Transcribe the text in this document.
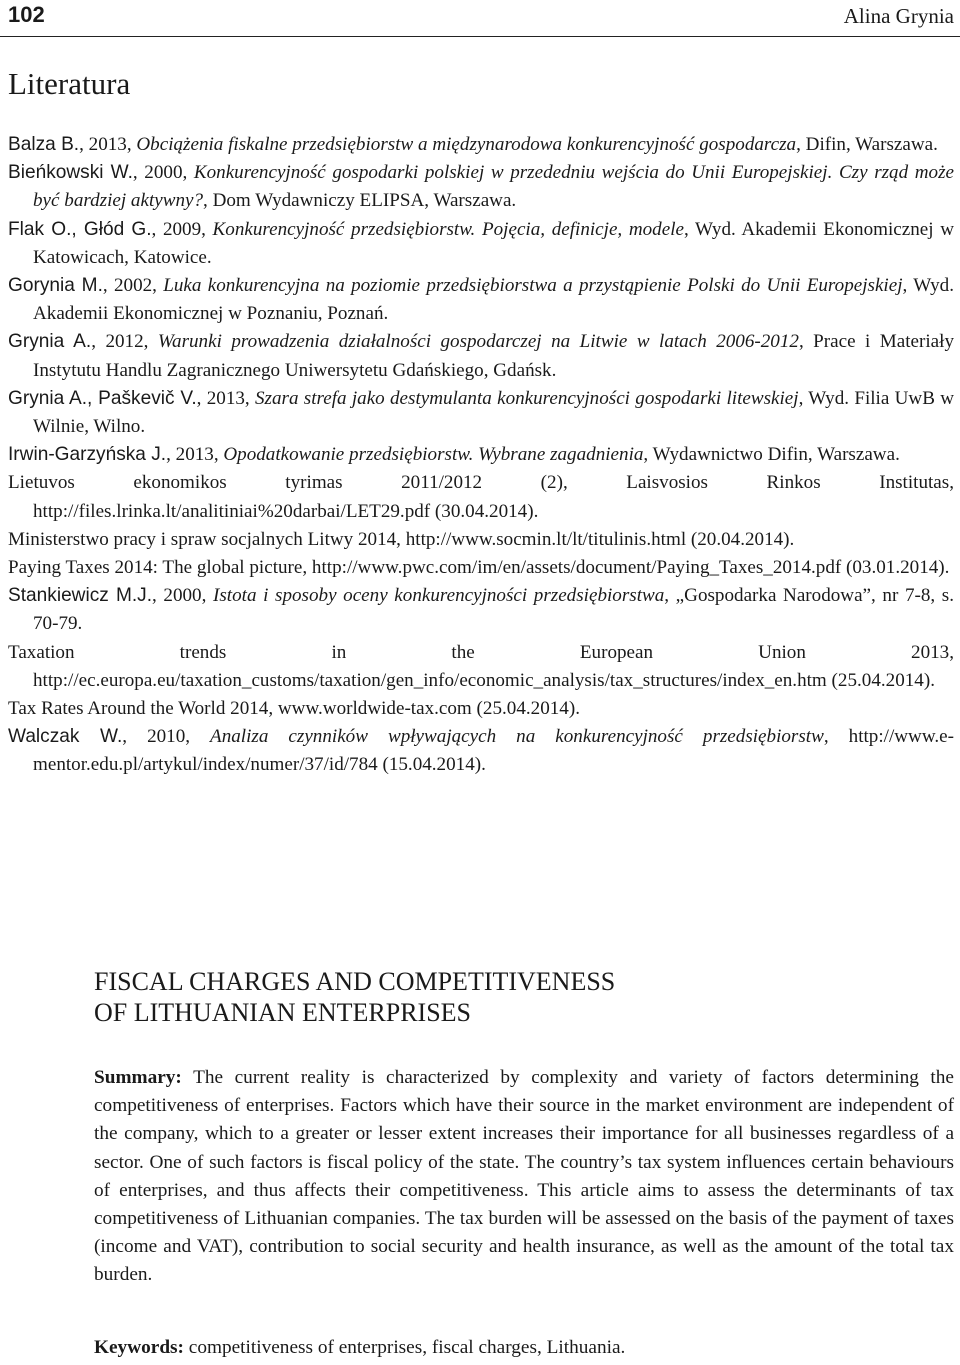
102	Alina Grynia
Literatura
Balza B., 2013, Obciążenia fiskalne przedsiębiorstw a międzynarodowa konkurencyjność gospodarcza, Difin, Warszawa.
Bieńkowski W., 2000, Konkurencyjność gospodarki polskiej w przededniu wejścia do Unii Europejskiej. Czy rząd może być bardziej aktywny?, Dom Wydawniczy ELIPSA, Warszawa.
Flak O., Głód G., 2009, Konkurencyjność przedsiębiorstw. Pojęcia, definicje, modele, Wyd. Akademii Ekonomicznej w Katowicach, Katowice.
Gorynia M., 2002, Luka konkurencyjna na poziomie przedsiębiorstwa a przystąpienie Polski do Unii Europejskiej, Wyd. Akademii Ekonomicznej w Poznaniu, Poznań.
Grynia A., 2012, Warunki prowadzenia działalności gospodarczej na Litwie w latach 2006-2012, Prace i Materiały Instytutu Handlu Zagranicznego Uniwersytetu Gdańskiego, Gdańsk.
Grynia A., Paškevič V., 2013, Szara strefa jako destymulanta konkurencyjności gospodarki litewskiej, Wyd. Filia UwB w Wilnie, Wilno.
Irwin-Garzyńska J., 2013, Opodatkowanie przedsiębiorstw. Wybrane zagadnienia, Wydawnictwo Difin, Warszawa.
Lietuvos ekonomikos tyrimas 2011/2012 (2), Laisvosios Rinkos Institutas, http://files.lrinka.lt/analitiniai%20darbai/LET29.pdf (30.04.2014).
Ministerstwo pracy i spraw socjalnych Litwy 2014, http://www.socmin.lt/lt/titulinis.html (20.04.2014).
Paying Taxes 2014: The global picture, http://www.pwc.com/im/en/assets/document/Paying_Taxes_2014.pdf (03.01.2014).
Stankiewicz M.J., 2000, Istota i sposoby oceny konkurencyjności przedsiębiorstwa, „Gospodarka Narodowa”, nr 7-8, s. 70-79.
Taxation trends in the European Union 2013, http://ec.europa.eu/taxation_customs/taxation/gen_info/economic_analysis/tax_structures/index_en.htm (25.04.2014).
Tax Rates Around the World 2014, www.worldwide-tax.com (25.04.2014).
Walczak W., 2010, Analiza czynników wpływających na konkurencyjność przedsiębiorstw, http://www.e-mentor.edu.pl/artykul/index/numer/37/id/784 (15.04.2014).
FISCAL CHARGES AND COMPETITIVENESS
OF LITHUANIAN ENTERPRISES

Summary: The current reality is characterized by complexity and variety of factors determining the competitiveness of enterprises. Factors which have their source in the market environment are independent of the company, which to a greater or lesser extent increases their importance for all businesses regardless of a sector. One of such factors is fiscal policy of the state. The country’s tax system influences certain behaviours of enterprises, and thus affects their competitiveness. This article aims to assess the determinants of tax competitiveness of Lithuanian companies. The tax burden will be assessed on the basis of the payment of taxes (income and VAT), contribution to social security and health insurance, as well as the amount of the total tax burden.

Keywords: competitiveness of enterprises, fiscal charges, Lithuania.
